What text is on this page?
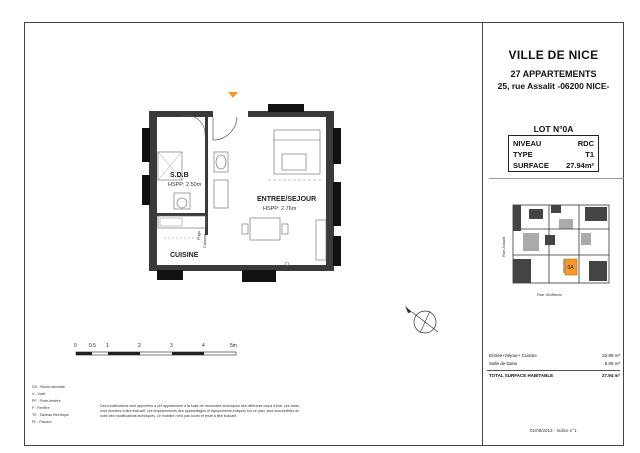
VILLE DE NICE
27 APPARTEMENTS
25, rue Assalit -06200 NICE-
LOT N°0A
NIVEAU	RDC
TYPE	T1
SURFACE 27.94m²
0A
Rue Assalit
Rue Gioffredo
Entrée+Séjour+ Cuisine	22.89 m²
Salle de bains	5.05 m²
TOTAL SURFACE HABITABLE	27.94 m²
01/08/2013 - Indice n°1
S.D.B
HSPP: 2.50m
ENTREE/SEJOUR
HSPP: 2.76m
CUISINE
Frigo Cuisson
0 0.5 1	2	3	4	5m
DS : Sèche-serviette
V : Volet
PF : Porte-fenêtre
F : Fenêtre
TE : Tableau électrique
PL : Placard
Des modifications sont apportées à cet appartement à la suite de nécessités techniques des différents corps d'état. Les cotes sont données à titre indicatif. Les emplacements des appareillages et équipements indiqués sur ce plan, sont susceptibles de subir des modifications techniques. Le mobilier n'est pas fourni et reste à titre indicatif.
